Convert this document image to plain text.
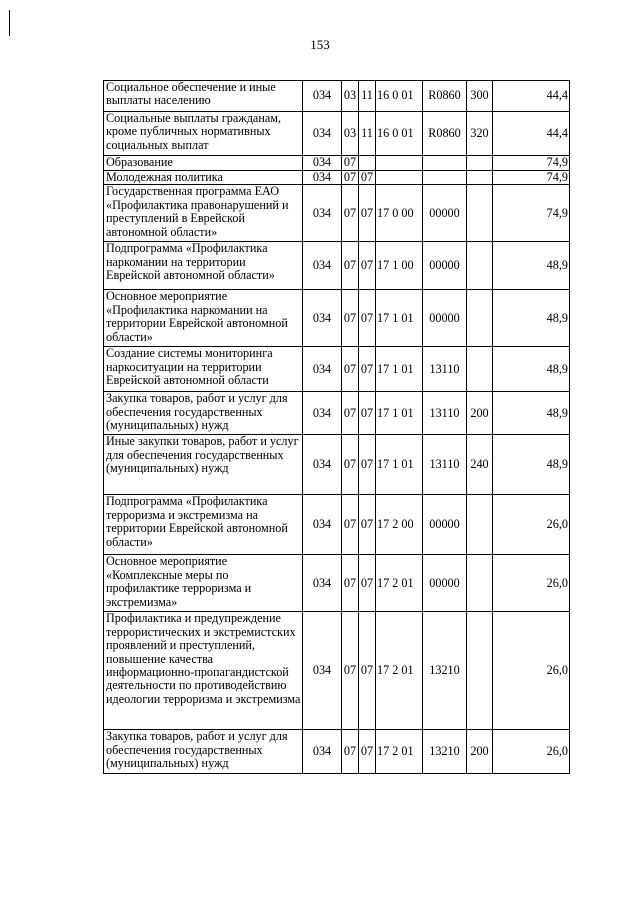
153
Социальное обеспечение и иные выплаты населению	034	03	11	16 0 01	R0860	300	44,4
Социальные выплаты гражданам, кроме публичных нормативных социальных выплат	034	03	11	16 0 01	R0860	320	44,4
Образование	034	07					74,9
Молодежная политика	034	07	07				74,9
Государственная программа ЕАО «Профилактика правонарушений и преступлений в Еврейской автономной области»	034	07	07	17 0 00	00000		74,9
Подпрограмма «Профилактика наркомании на территории Еврейской автономной области»	034	07	07	17 1 00	00000		48,9
Основное мероприятие «Профилактика наркомании на территории Еврейской автономной области»	034	07	07	17 1 01	00000		48,9
Создание системы мониторинга наркоситуации на территории Еврейской автономной области	034	07	07	17 1 01	13110		48,9
Закупка товаров, работ и услуг для обеспечения государственных (муниципальных) нужд	034	07	07	17 1 01	13110	200	48,9
Иные закупки товаров, работ и услуг для обеспечения государственных (муниципальных) нужд	034	07	07	17 1 01	13110	240	48,9
Подпрограмма «Профилактика терроризма и экстремизма на территории Еврейской автономной области»	034	07	07	17 2 00	00000		26,0
Основное мероприятие «Комплексные меры по профилактике терроризма и экстремизма»	034	07	07	17 2 01	00000		26,0
Профилактика и предупреждение террористических и экстремистских проявлений и преступлений, повышение качества информационно-пропагандистской деятельности по противодействию идеологии терроризма и экстремизма	034	07	07	17 2 01	13210		26,0
Закупка товаров, работ и услуг для обеспечения государственных (муниципальных) нужд	034	07	07	17 2 01	13210	200	26,0
